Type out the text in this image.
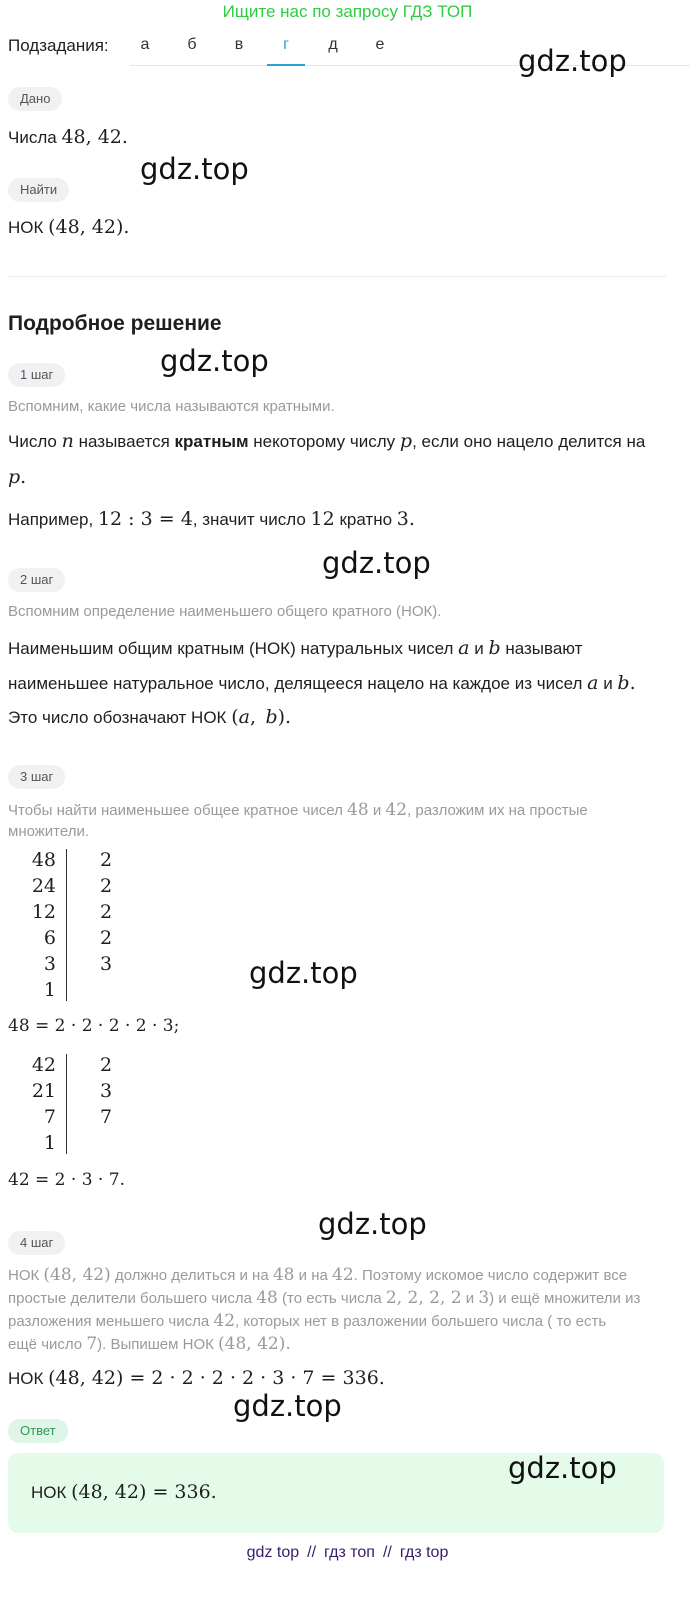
Ищите нас по запросу ГДЗ ТОП
Подзадания:	а	б	в	г	д	е	gdz.top
Дано
Числа 48, 42.
gdz.top
Найти
НОК (48, 42).
Подробное решение
gdz.top
1 шаг
Вспомним, какие числа называются кратными.
Число n называется кратным некоторому числу p, если оно нацело делится на
p.
Например, 12 : 3 = 4, значит число 12 кратно 3.
gdz.top
2 шаг
Вспомним определение наименьшего общего кратного (НОК).
Наименьшим общим кратным (НОК) натуральных чисел a и b называют
наименьшее натуральное число, делящееся нацело на каждое из чисел a и b.
Это число обозначают НОК (a, b).
3 шаг
Чтобы найти наименьшее общее кратное чисел 48 и 42, разложим их на простые
множители.
48 2
24 2
12 2
6 2
3 3
1	gdz.top
48 = 2 · 2 · 2 · 2 · 3;
42 2
21 3
7 7
1
42 = 2 · 3 · 7.
gdz.top
4 шаг
НОК (48, 42) должно делиться и на 48 и на 42. Поэтому искомое число содержит все
простые делители большего числа 48 (то есть числа 2, 2, 2, 2 и 3) и ещё множители из
разложения меньшего числа 42, которых нет в разложении большего числа ( то есть
ещё число 7). Выпишем НОК (48, 42).
НОК (48, 42) = 2 · 2 · 2 · 2 · 3 · 7 = 336.
gdz.top
Ответ
gdz.top
НОК (48, 42) = 336.
gdz top // гдз топ // гдз top
